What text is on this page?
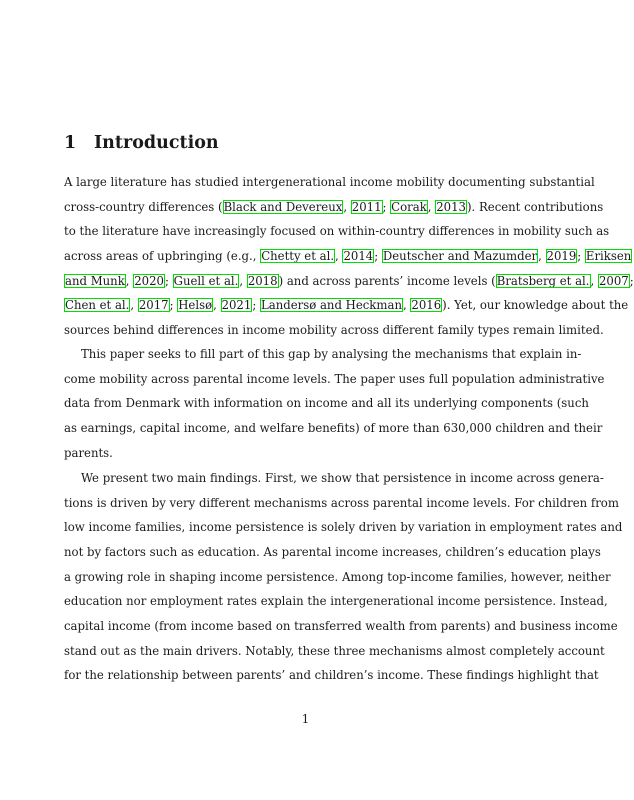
1 Introduction
A large literature has studied intergenerational income mobility documenting substantial
cross-country differences (Black and Devereux, 2011; Corak, 2013). Recent contributions
to the literature have increasingly focused on within-country differences in mobility such as
across areas of upbringing (e.g., Chetty et al., 2014; Deutscher and Mazumder, 2019; Eriksen
and Munk, 2020; Guell et al., 2018) and across parents’ income levels (Bratsberg et al., 2007;
Chen et al., 2017; Helsø, 2021; Landersø and Heckman, 2016). Yet, our knowledge about the
sources behind differences in income mobility across different family types remain limited.
This paper seeks to fill part of this gap by analysing the mechanisms that explain in-
come mobility across parental income levels. The paper uses full population administrative
data from Denmark with information on income and all its underlying components (such
as earnings, capital income, and welfare benefits) of more than 630,000 children and their
parents.
We present two main findings. First, we show that persistence in income across genera-
tions is driven by very different mechanisms across parental income levels. For children from
low income families, income persistence is solely driven by variation in employment rates and
not by factors such as education. As parental income increases, children’s education plays
a growing role in shaping income persistence. Among top-income families, however, neither
education nor employment rates explain the intergenerational income persistence. Instead,
capital income (from income based on transferred wealth from parents) and business income
stand out as the main drivers. Notably, these three mechanisms almost completely account
for the relationship between parents’ and children’s income. These findings highlight that
1
